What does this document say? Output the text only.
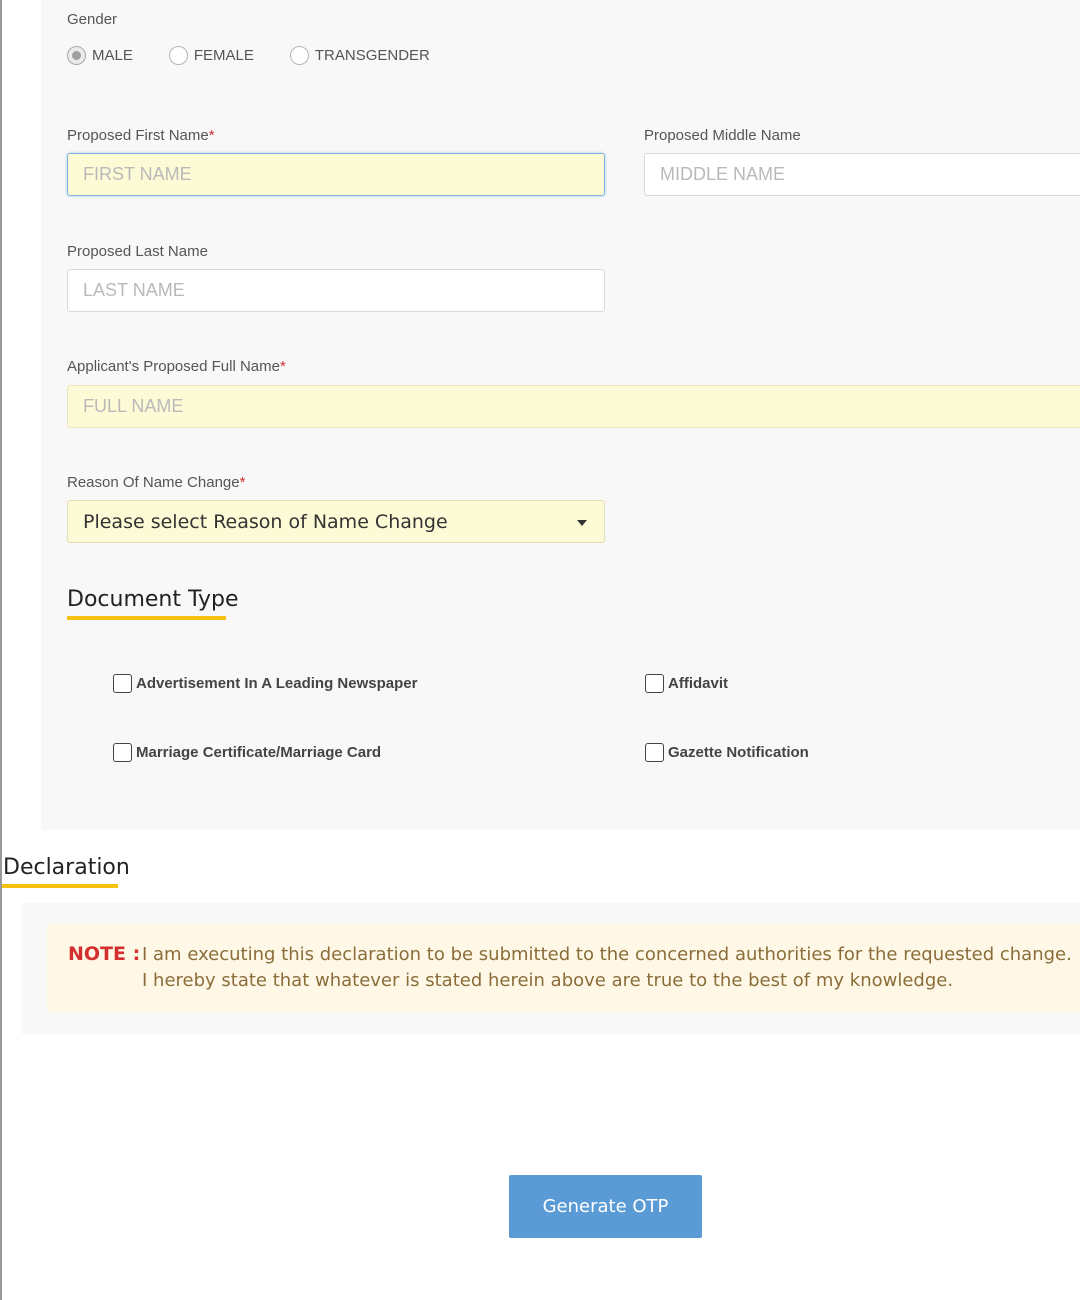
Gender
MALE	FEMALE	TRANSGENDER
Proposed First Name*
FIRST NAME	Proposed Middle Name
MIDDLE NAME
Proposed Last Name
LAST NAME
Applicant's Proposed Full Name*
FULL NAME
Reason Of Name Change*
Please select Reason of Name Change
Document Type
Advertisement In A Leading Newspaper	Affidavit
Marriage Certificate/Marriage Card	Gazette Notification
Declaration
NOTE : I am executing this declaration to be submitted to the concerned authorities for the requested change.
I hereby state that whatever is stated herein above are true to the best of my knowledge.
Generate OTP
